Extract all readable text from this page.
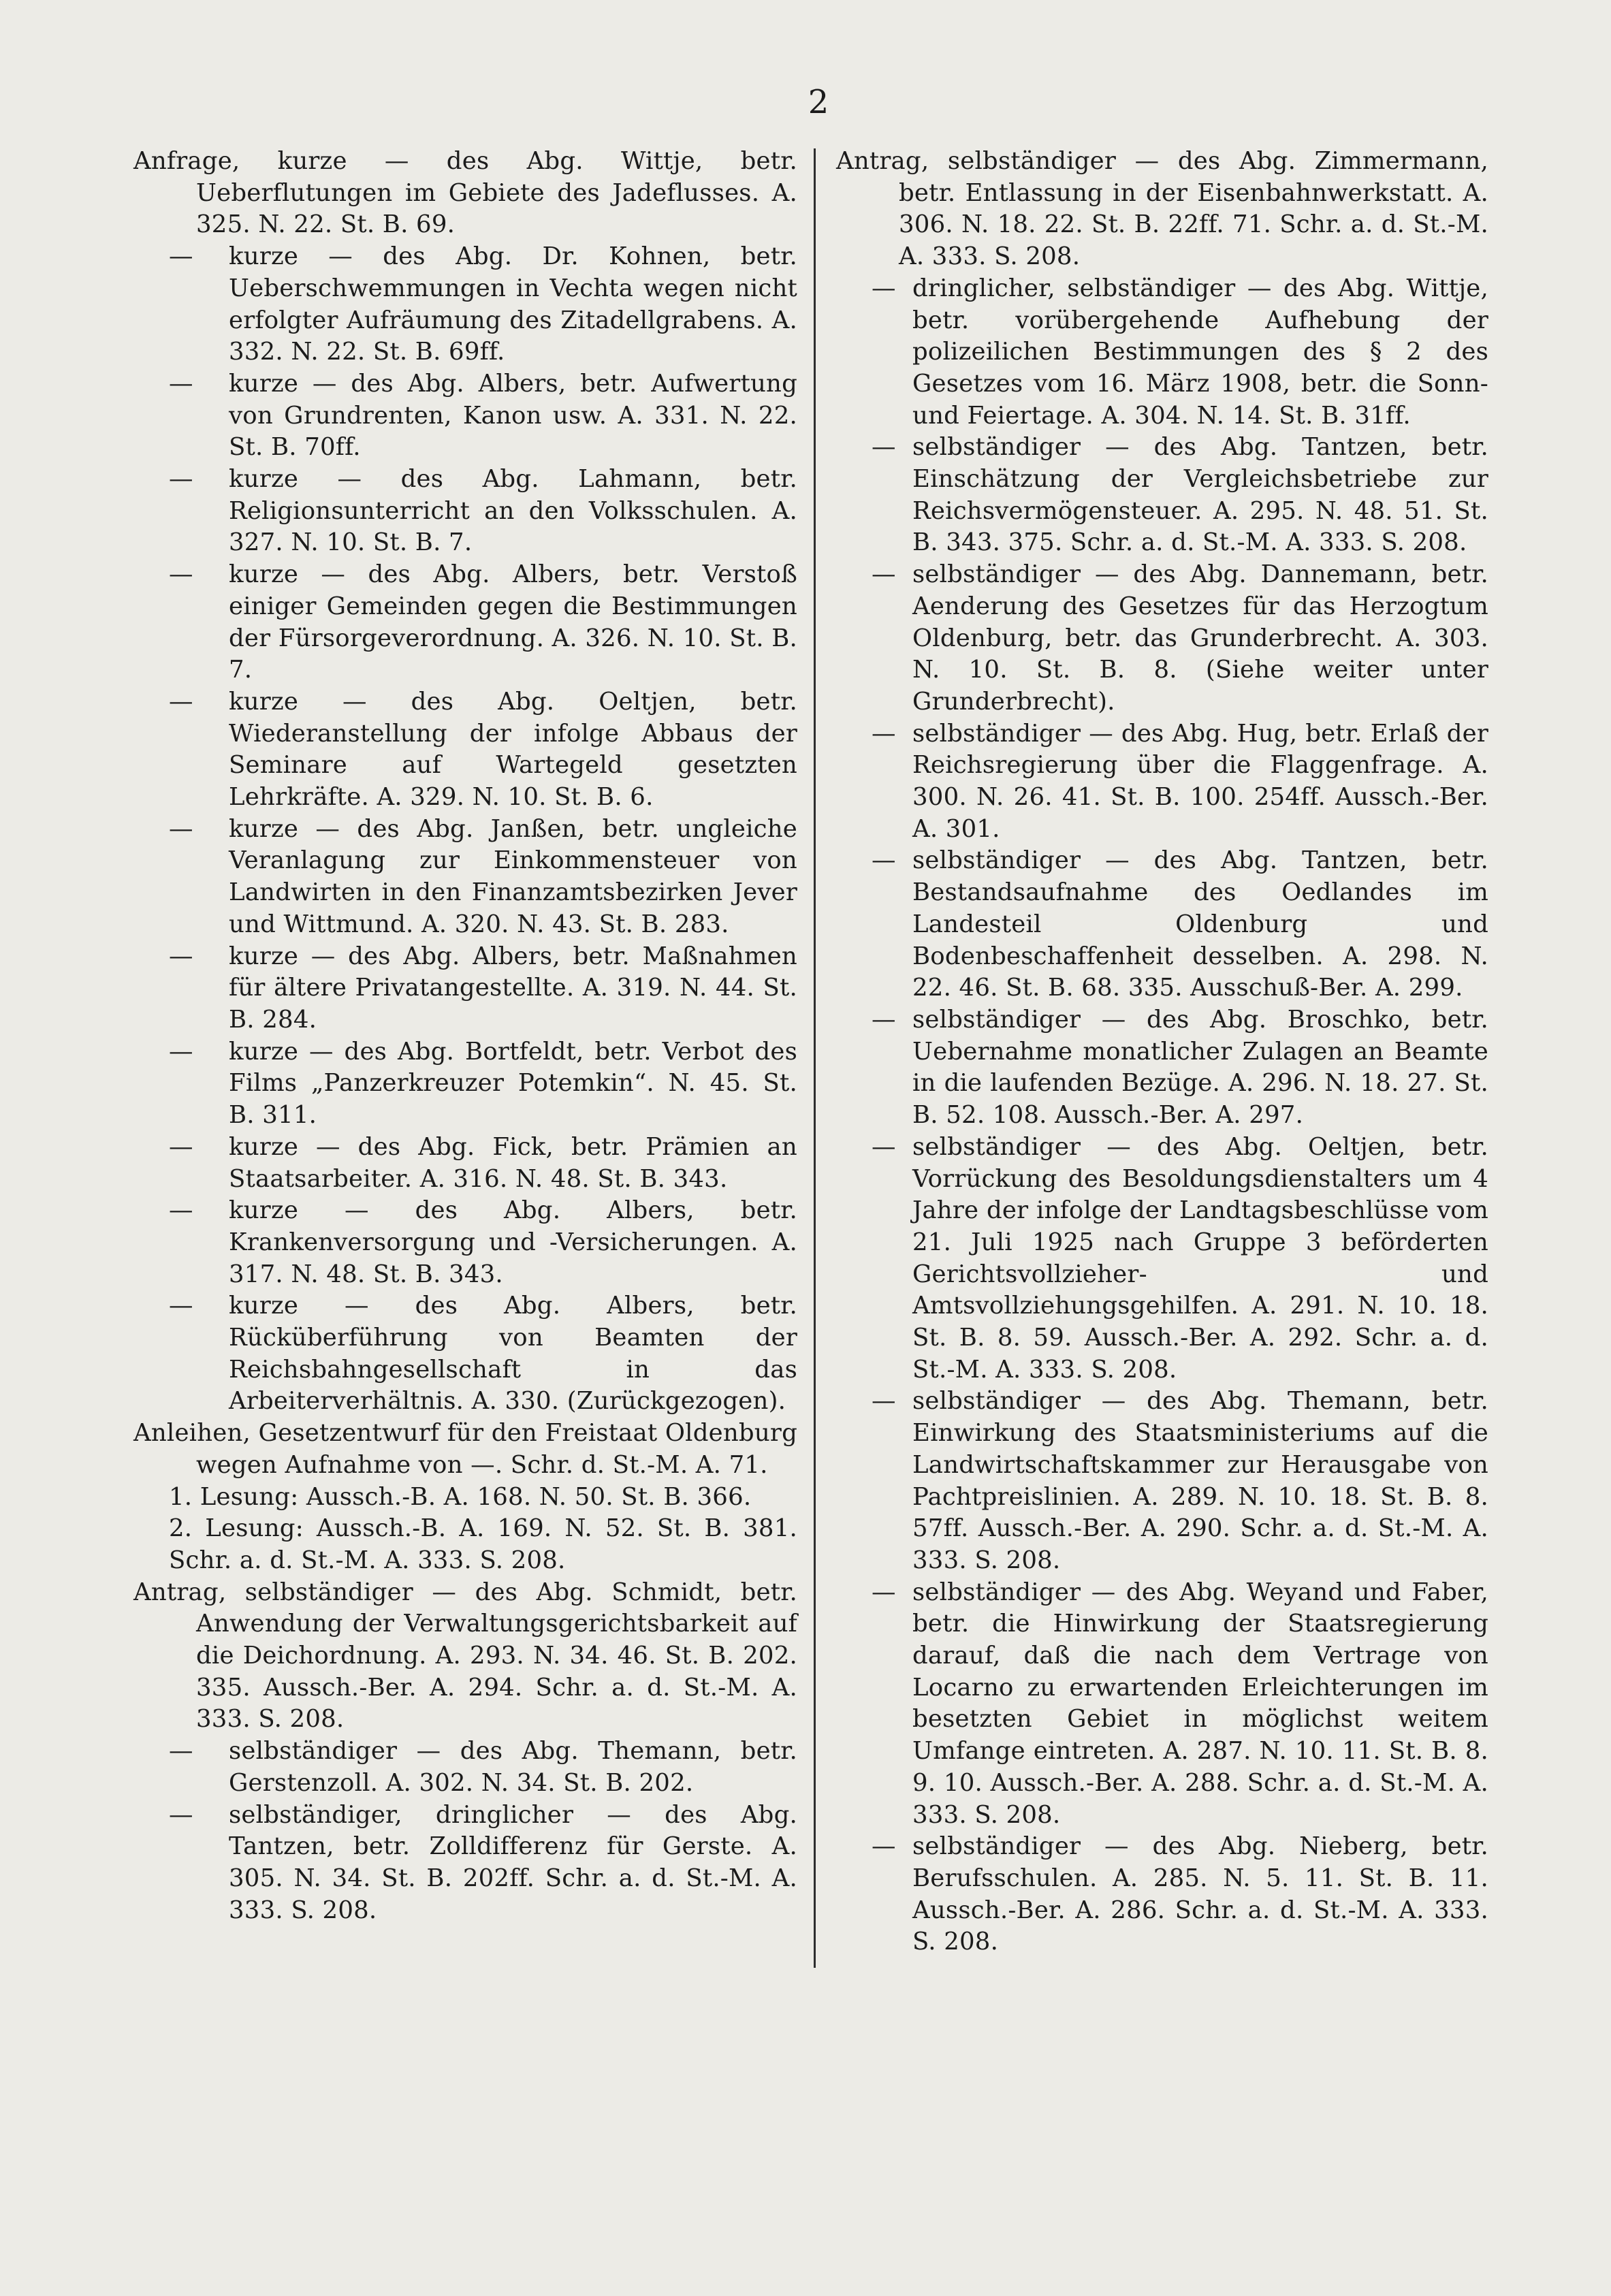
2
Anfrage, kurze — des Abg. Wittje, betr. Ueberflutungen im Gebiete des Jadeflusses. A. 325. N. 22. St. B. 69.
—	kurze — des Abg. Dr. Kohnen, betr. Ueberschwemmungen in Vechta wegen nicht erfolgter Aufräumung des Zitadellgrabens. A. 332. N. 22. St. B. 69ff.
—	kurze — des Abg. Albers, betr. Aufwertung von Grundrenten, Kanon usw. A. 331. N. 22. St. B. 70ff.
—	kurze — des Abg. Lahmann, betr. Religionsunterricht an den Volksschulen. A. 327. N. 10. St. B. 7.
—	kurze — des Abg. Albers, betr. Verstoß einiger Gemeinden gegen die Bestimmungen der Fürsorgeverordnung. A. 326. N. 10. St. B. 7.
—	kurze — des Abg. Oeltjen, betr. Wiederanstellung der infolge Abbaus der Seminare auf Wartegeld gesetzten Lehrkräfte. A. 329. N. 10. St. B. 6.
—	kurze — des Abg. Janßen, betr. ungleiche Veranlagung zur Einkommensteuer von Landwirten in den Finanzamtsbezirken Jever und Wittmund. A. 320. N. 43. St. B. 283.
—	kurze — des Abg. Albers, betr. Maßnahmen für ältere Privatangestellte. A. 319. N. 44. St. B. 284.
—	kurze — des Abg. Bortfeldt, betr. Verbot des Films „Panzerkreuzer Potemkin“. N. 45. St. B. 311.
—	kurze — des Abg. Fick, betr. Prämien an Staatsarbeiter. A. 316. N. 48. St. B. 343.
—	kurze — des Abg. Albers, betr. Krankenversorgung und -Versicherungen. A. 317. N. 48. St. B. 343.
—	kurze — des Abg. Albers, betr. Rücküberführung von Beamten der Reichsbahngesellschaft in das Arbeiterverhältnis. A. 330. (Zurückgezogen).
Anleihen, Gesetzentwurf für den Freistaat Oldenburg wegen Aufnahme von —. Schr. d. St.-M. A. 71.
1. Lesung: Aussch.-B. A. 168. N. 50. St. B. 366.
2. Lesung: Aussch.-B. A. 169. N. 52. St. B. 381. Schr. a. d. St.-M. A. 333. S. 208.
Antrag, selbständiger — des Abg. Schmidt, betr. Anwendung der Verwaltungsgerichtsbarkeit auf die Deichordnung. A. 293. N. 34. 46. St. B. 202. 335. Aussch.-Ber. A. 294. Schr. a. d. St.-M. A. 333. S. 208.
—	selbständiger — des Abg. Themann, betr. Gerstenzoll. A. 302. N. 34. St. B. 202.
—	selbständiger, dringlicher — des Abg. Tantzen, betr. Zolldifferenz für Gerste. A. 305. N. 34. St. B. 202ff. Schr. a. d. St.-M. A. 333. S. 208.
Antrag, selbständiger — des Abg. Zimmermann, betr. Entlassung in der Eisenbahnwerkstatt. A. 306. N. 18. 22. St. B. 22ff. 71. Schr. a. d. St.-M. A. 333. S. 208.
— dringlicher, selbständiger — des Abg. Wittje, betr. vorübergehende Aufhebung der polizeilichen Bestimmungen des § 2 des Gesetzes vom 16. März 1908, betr. die Sonn- und Feiertage. A. 304. N. 14. St. B. 31ff.
— selbständiger — des Abg. Tantzen, betr. Einschätzung der Vergleichsbetriebe zur Reichsvermögensteuer. A. 295. N. 48. 51. St. B. 343. 375. Schr. a. d. St.-M. A. 333. S. 208.
— selbständiger — des Abg. Dannemann, betr. Aenderung des Gesetzes für das Herzogtum Oldenburg, betr. das Grunderbrecht. A. 303. N. 10. St. B. 8. (Siehe weiter unter Grunderbrecht).
— selbständiger — des Abg. Hug, betr. Erlaß der Reichsregierung über die Flaggenfrage. A. 300. N. 26. 41. St. B. 100. 254ff. Aussch.-Ber. A. 301.
— selbständiger — des Abg. Tantzen, betr. Bestandsaufnahme des Oedlandes im Landesteil Oldenburg und Bodenbeschaffenheit desselben. A. 298. N. 22. 46. St. B. 68. 335. Ausschuß-Ber. A. 299.
— selbständiger — des Abg. Broschko, betr. Uebernahme monatlicher Zulagen an Beamte in die laufenden Bezüge. A. 296. N. 18. 27. St. B. 52. 108. Aussch.-Ber. A. 297.
— selbständiger — des Abg. Oeltjen, betr. Vorrückung des Besoldungsdienstalters um 4 Jahre der infolge der Landtagsbeschlüsse vom 21. Juli 1925 nach Gruppe 3 beförderten Gerichtsvollzieher- und Amtsvollziehungsgehilfen. A. 291. N. 10. 18. St. B. 8. 59. Aussch.-Ber. A. 292. Schr. a. d. St.-M. A. 333. S. 208.
— selbständiger — des Abg. Themann, betr. Einwirkung des Staatsministeriums auf die Landwirtschaftskammer zur Herausgabe von Pachtpreislinien. A. 289. N. 10. 18. St. B. 8. 57ff. Aussch.-Ber. A. 290. Schr. a. d. St.-M. A. 333. S. 208.
— selbständiger — des Abg. Weyand und Faber, betr. die Hinwirkung der Staatsregierung darauf, daß die nach dem Vertrage von Locarno zu erwartenden Erleichterungen im besetzten Gebiet in möglichst weitem Umfange eintreten. A. 287. N. 10. 11. St. B. 8. 9. 10. Aussch.-Ber. A. 288. Schr. a. d. St.-M. A. 333. S. 208.
— selbständiger — des Abg. Nieberg, betr. Berufsschulen. A. 285. N. 5. 11. St. B. 11. Aussch.-Ber. A. 286. Schr. a. d. St.-M. A. 333. S. 208.
